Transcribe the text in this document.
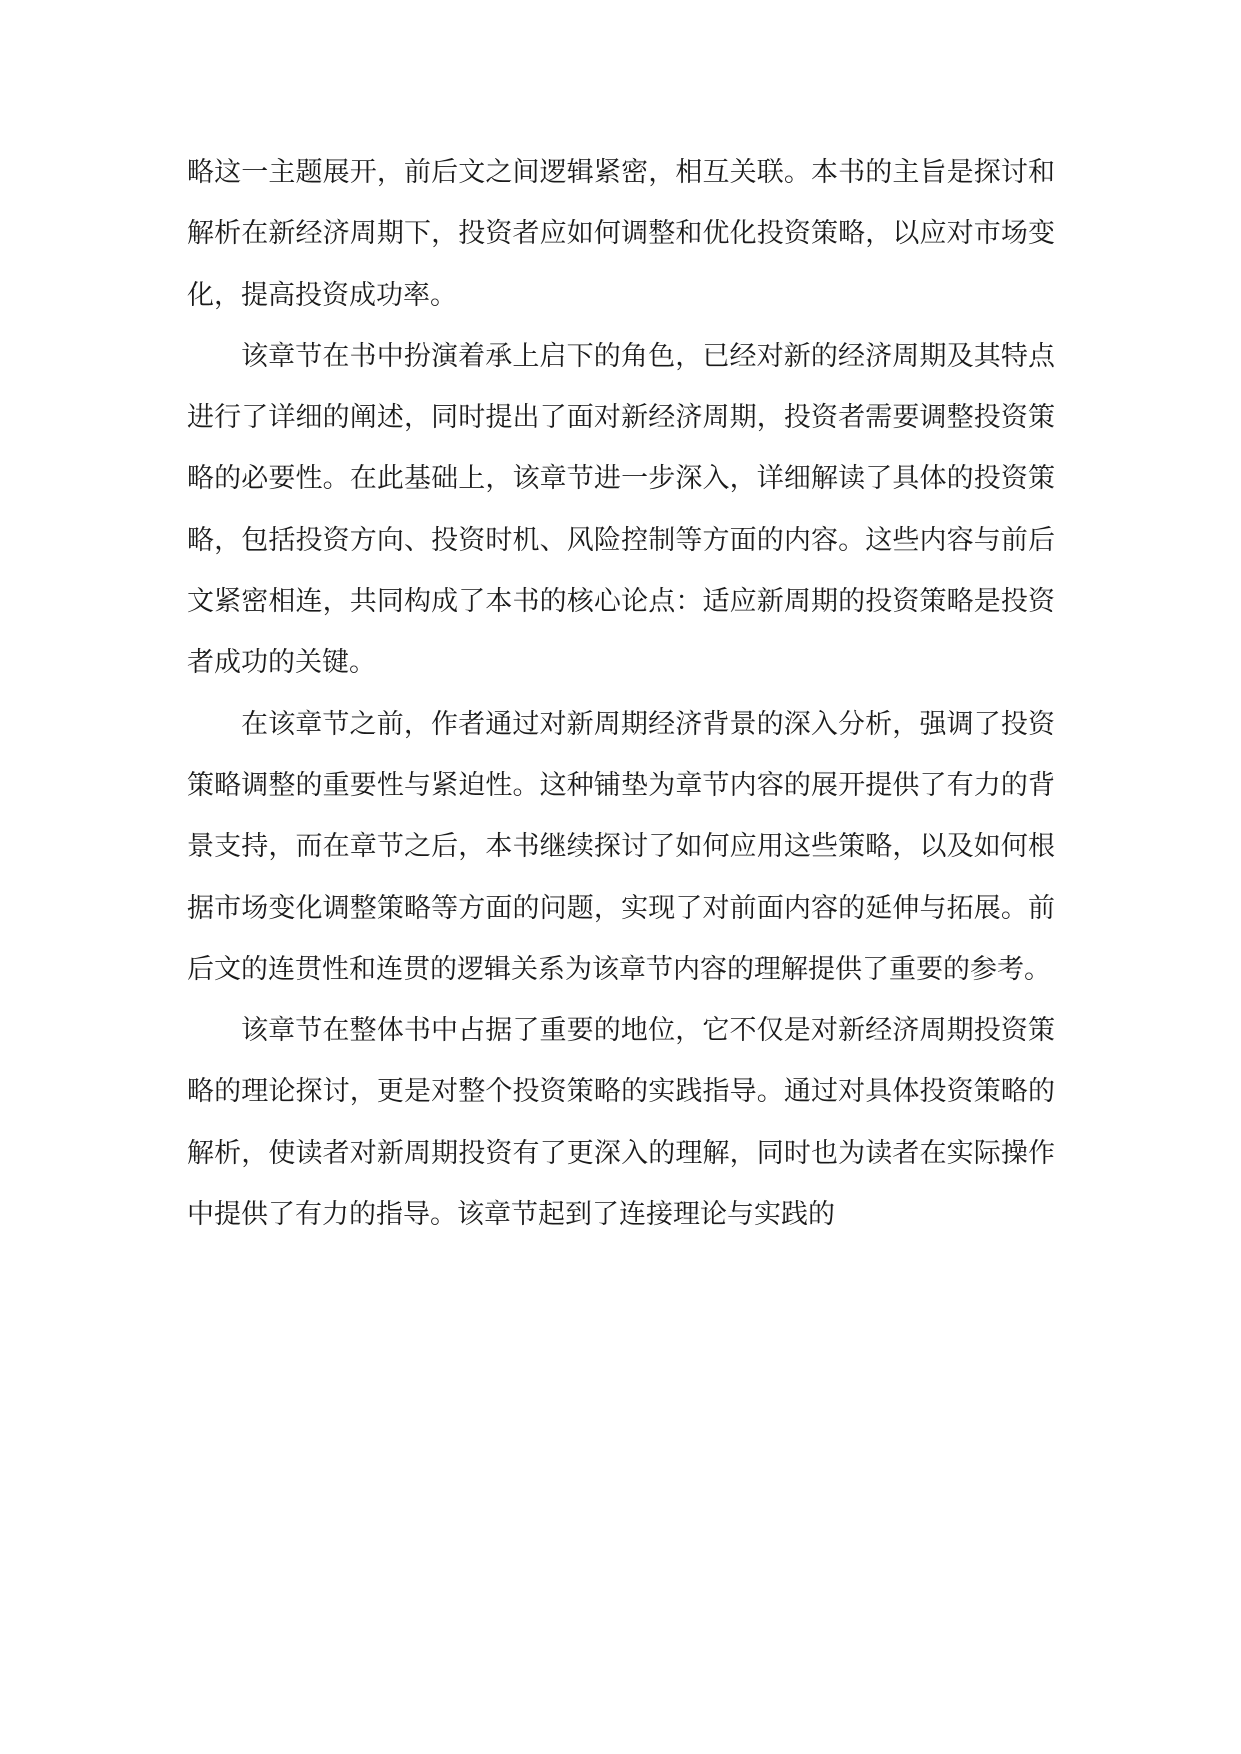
略这一主题展开，前后文之间逻辑紧密，相互关联。本书的主旨是探讨和解析在新经济周期下，投资者应如何调整和优化投资策略，以应对市场变化，提高投资成功率。

该章节在书中扮演着承上启下的角色，已经对新的经济周期及其特点进行了详细的阐述，同时提出了面对新经济周期，投资者需要调整投资策略的必要性。在此基础上，该章节进一步深入，详细解读了具体的投资策略，包括投资方向、投资时机、风险控制等方面的内容。这些内容与前后文紧密相连，共同构成了本书的核心论点：适应新周期的投资策略是投资者成功的关键。

在该章节之前，作者通过对新周期经济背景的深入分析，强调了投资策略调整的重要性与紧迫性。这种铺垫为章节内容的展开提供了有力的背景支持，而在章节之后，本书继续探讨了如何应用这些策略，以及如何根据市场变化调整策略等方面的问题，实现了对前面内容的延伸与拓展。前后文的连贯性和连贯的逻辑关系为该章节内容的理解提供了重要的参考。

该章节在整体书中占据了重要的地位，它不仅是对新经济周期投资策略的理论探讨，更是对整个投资策略的实践指导。通过对具体投资策略的解析，使读者对新周期投资有了更深入的理解，同时也为读者在实际操作中提供了有力的指导。该章节起到了连接理论与实践的
